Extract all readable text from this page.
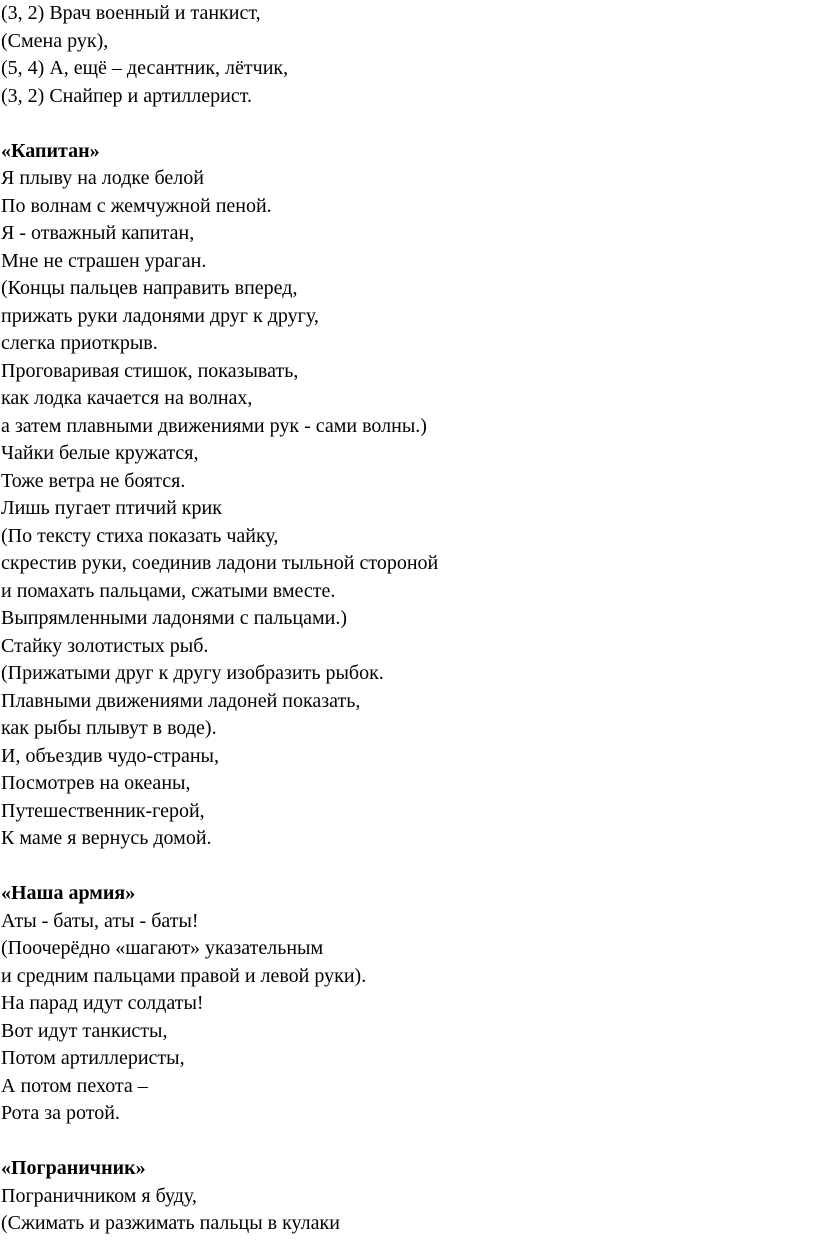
(3, 2) Врач военный и танкист,
(Смена рук),
(5, 4) А, ещё – десантник, лётчик,
(3, 2) Снайпер и артиллерист.
«Капитан»
Я плыву на лодке белой
По волнам с жемчужной пеной.
Я - отважный капитан,
Мне не страшен ураган.
(Концы пальцев направить вперед,
прижать руки ладонями друг к другу,
слегка приоткрыв.
Проговаривая стишок, показывать,
как лодка качается на волнах,
а затем плавными движениями рук - сами волны.)
Чайки белые кружатся,
Тоже ветра не боятся.
Лишь пугает птичий крик
(По тексту стиха показать чайку,
скрестив руки, соединив ладони тыльной стороной
и помахать пальцами, сжатыми вместе.
Выпрямленными ладонями с пальцами.)
Стайку золотистых рыб.
(Прижатыми друг к другу изобразить рыбок.
Плавными движениями ладоней показать,
как рыбы плывут в воде).
И, объездив чудо-страны,
Посмотрев на океаны,
Путешественник-герой,
К маме я вернусь домой.
«Наша армия»
Аты - баты, аты - баты!
(Поочерёдно «шагают» указательным
и средним пальцами правой и левой руки).
На парад идут солдаты!
Вот идут танкисты,
Потом артиллеристы,
А потом пехота –
Рота за ротой.
«Пограничник»
Пограничником я буду,
(Сжимать и разжимать пальцы в кулаки
